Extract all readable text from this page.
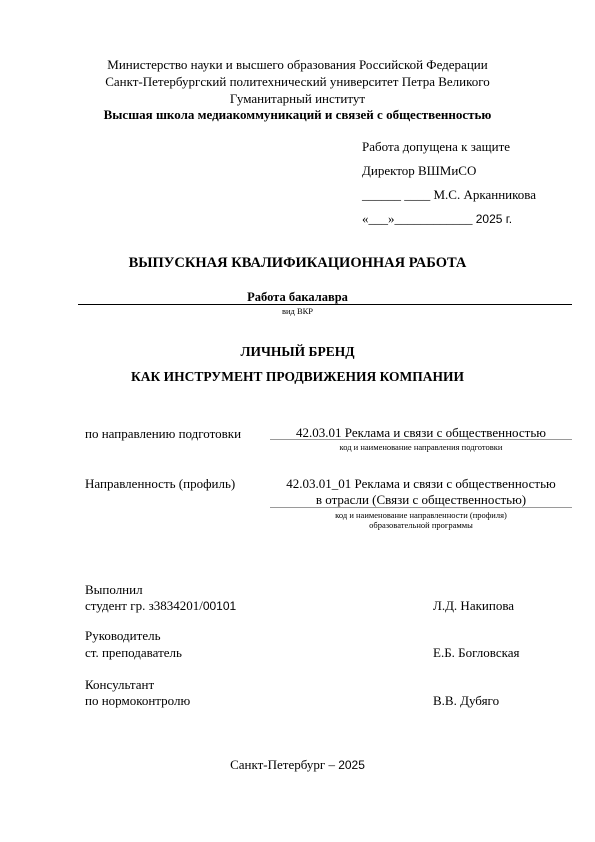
Министерство науки и высшего образования Российской Федерации
Санкт-Петербургский политехнический университет Петра Великого
Гуманитарный институт
Высшая школа медиакоммуникаций и связей с общественностью
Работа допущена к защите
Директор ВШМиСО
______ ____ М.С. Арканникова
«___»____________ 2025 г.
ВЫПУСКНАЯ КВАЛИФИКАЦИОННАЯ РАБОТА
Работа бакалавра
вид ВКР
ЛИЧНЫЙ БРЕНД
КАК ИНСТРУМЕНТ ПРОДВИЖЕНИЯ КОМПАНИИ
по направлению подготовки	42.03.01 Реклама и связи с общественностью
код и наименование направления подготовки
Направленность (профиль)	42.03.01_01 Реклама и связи с общественностью
в отрасли (Связи с общественностью)
код и наименование направленности (профиля)
образовательной программы
Выполнил
студент гр. з3834201/00101	Л.Д. Накипова
Руководитель
ст. преподаватель	Е.Б. Богловская
Консультант
по нормоконтролю	В.В. Дубяго
Санкт-Петербург – 2025
